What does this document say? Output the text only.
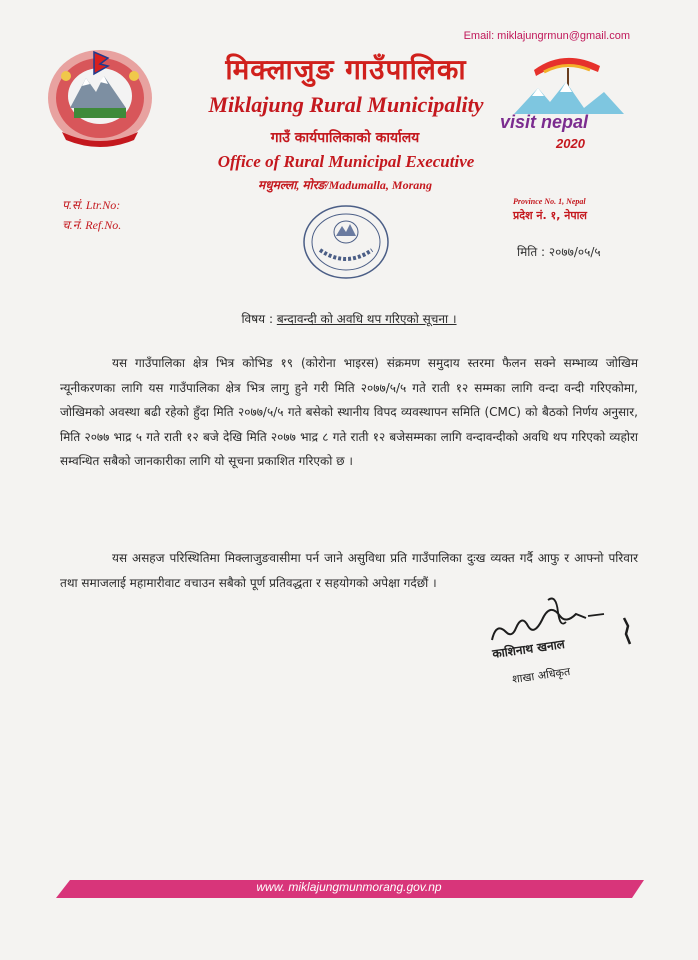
Email: miklajungrmun@gmail.com
मिक्लाजुङ गाउँपालिका
Miklajung Rural Municipality
गाउँ कार्यपालिकाको कार्यालय
Office of Rural Municipal Executive
मधुमल्ला, मोरङ/Madumalla, Morang
visit nepal
2020
प.सं. Ltr.No:
च.नं. Ref.No.
Province No. 1, Nepal
प्रदेश नं. १, नेपाल
मिति : २०७७/०५/५
विषय : बन्दावन्दी को अवधि थप गरिएको सूचना ।
यस गाउँपालिका क्षेत्र भित्र कोभिड १९ (कोरोना भाइरस) संक्रमण समुदाय स्तरमा फैलन सक्ने सम्भाव्य जोखिम न्यूनीकरणका लागि यस गाउँपालिका क्षेत्र भित्र लागु हुने गरी मिति २०७७/५/५ गते राती १२ सम्मका लागि वन्दा वन्दी गरिएकोमा, जोखिमको अवस्था बढी रहेको हुँदा मिति २०७७/५/५ गते बसेको स्थानीय विपद व्यवस्थापन समिति (CMC) को बैठको निर्णय अनुसार, मिति २०७७ भाद्र ५ गते राती १२ बजे देखि मिति २०७७ भाद्र ८ गते राती १२ बजेसम्मका लागि वन्दावन्दीको अवधि थप गरिएको व्यहोरा सम्वन्धित सबैको जानकारीका लागि यो सूचना प्रकाशित गरिएको छ ।
यस असहज परिस्थितिमा मिक्लाजुङवासीमा पर्न जाने असुविधा प्रति गाउँपालिका दुःख व्यक्त गर्दै आफु र आफ्नो परिवार तथा समाजलाई महामारीवाट वचाउन सबैको पूर्ण प्रतिवद्धता र सहयोगको अपेक्षा गर्दछौं ।
काशिनाथ खनाल
शाखा अधिकृत
www. miklajungmunmorang.gov.np
